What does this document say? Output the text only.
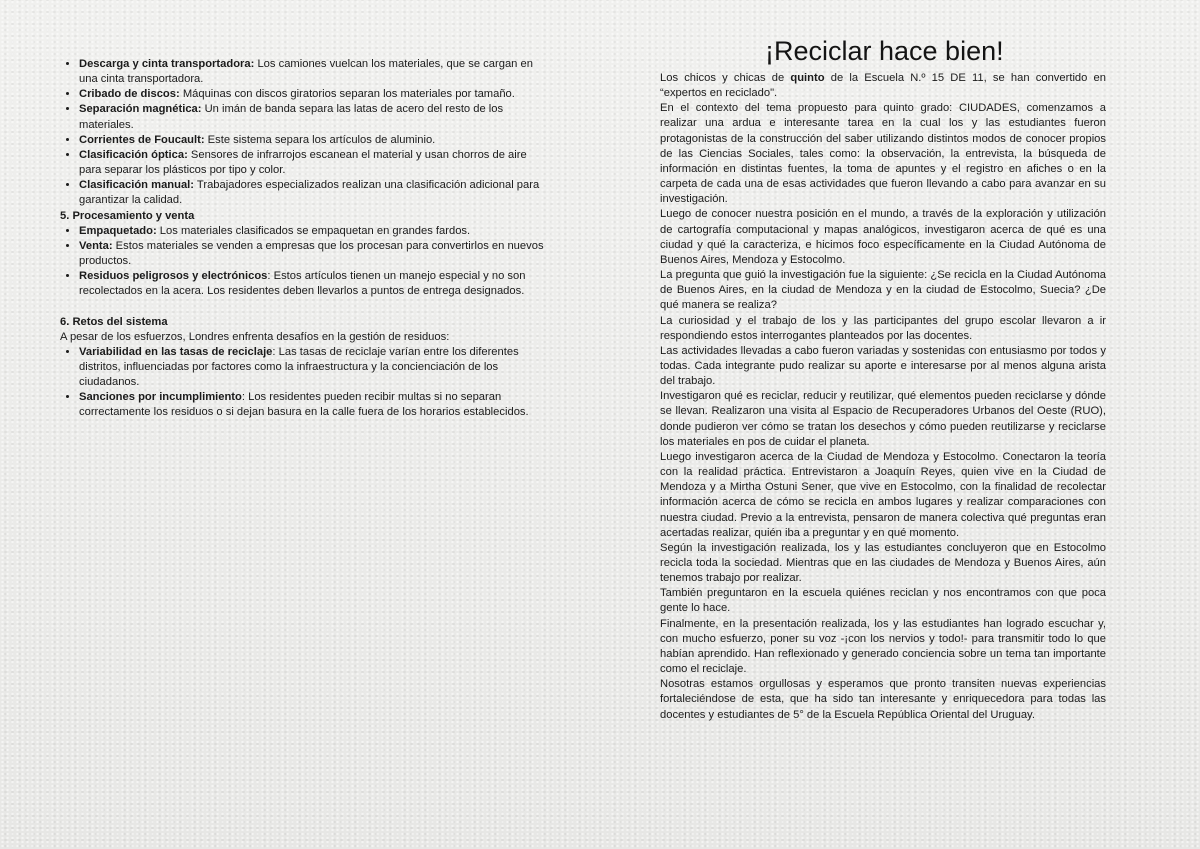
• Descarga y cinta transportadora: Los camiones vuelcan los materiales, que se cargan en una cinta transportadora.
• Cribado de discos: Máquinas con discos giratorios separan los materiales por tamaño.
• Separación magnética: Un imán de banda separa las latas de acero del resto de los materiales.
• Corrientes de Foucault: Este sistema separa los artículos de aluminio.
• Clasificación óptica: Sensores de infrarrojos escanean el material y usan chorros de aire para separar los plásticos por tipo y color.
• Clasificación manual: Trabajadores especializados realizan una clasificación adicional para garantizar la calidad.

5. Procesamiento y venta

• Empaquetado: Los materiales clasificados se empaquetan en grandes fardos.
• Venta: Estos materiales se venden a empresas que los procesan para convertirlos en nuevos productos.
• Residuos peligrosos y electrónicos: Estos artículos tienen un manejo especial y no son recolectados en la acera. Los residentes deben llevarlos a puntos de entrega designados.

6. Retos del sistema

A pesar de los esfuerzos, Londres enfrenta desafíos en la gestión de residuos:

• Variabilidad en las tasas de reciclaje: Las tasas de reciclaje varían entre los diferentes distritos, influenciadas por factores como la infraestructura y la concienciación de los ciudadanos.
• Sanciones por incumplimiento: Los residentes pueden recibir multas si no separan correctamente los residuos o si dejan basura en la calle fuera de los horarios establecidos.
¡Reciclar hace bien!

Los chicos y chicas de quinto de la Escuela N.º 15 DE 11, se han convertido en “expertos en reciclado".

En el contexto del tema propuesto para quinto grado: CIUDADES, comenzamos a realizar una ardua e interesante tarea en la cual los y las estudiantes fueron protagonistas de la construcción del saber utilizando distintos modos de conocer propios de las Ciencias Sociales, tales como: la observación, la entrevista, la búsqueda de información en distintas fuentes, la toma de apuntes y el registro en afiches o en la carpeta de cada una de esas actividades que fueron llevando a cabo para avanzar en su investigación.

Luego de conocer nuestra posición en el mundo, a través de la exploración y utilización de cartografía computacional y mapas analógicos, investigaron acerca de qué es una ciudad y qué la caracteriza, e hicimos foco específicamente en la Ciudad Autónoma de Buenos Aires, Mendoza y Estocolmo.

La pregunta que guió la investigación fue la siguiente: ¿Se recicla en la Ciudad Autónoma de Buenos Aires, en la ciudad de Mendoza y en la ciudad de Estocolmo, Suecia? ¿De qué manera se realiza?

La curiosidad y el trabajo de los y las participantes del grupo escolar llevaron a ir respondiendo estos interrogantes planteados por las docentes.

Las actividades llevadas a cabo fueron variadas y sostenidas con entusiasmo por todos y todas. Cada integrante pudo realizar su aporte e interesarse por al menos alguna arista del trabajo.

Investigaron qué es reciclar, reducir y reutilizar, qué elementos pueden reciclarse y dónde se llevan. Realizaron una visita al Espacio de Recuperadores Urbanos del Oeste (RUO), donde pudieron ver cómo se tratan los desechos y cómo pueden reutilizarse y reciclarse los materiales en pos de cuidar el planeta.

Luego investigaron acerca de la Ciudad de Mendoza y Estocolmo. Conectaron la teoría con la realidad práctica. Entrevistaron a Joaquín Reyes, quien vive en la Ciudad de Mendoza y a Mirtha Ostuni Sener, que vive en Estocolmo, con la finalidad de recolectar información acerca de cómo se recicla en ambos lugares y realizar comparaciones con nuestra ciudad. Previo a la entrevista, pensaron de manera colectiva qué preguntas eran acertadas realizar, quién iba a preguntar y en qué momento.

Según la investigación realizada, los y las estudiantes concluyeron que en Estocolmo recicla toda la sociedad. Mientras que en las ciudades de Mendoza y Buenos Aires, aún tenemos trabajo por realizar.

También preguntaron en la escuela quiénes reciclan y nos encontramos con que poca gente lo hace.

Finalmente, en la presentación realizada, los y las estudiantes han logrado escuchar y, con mucho esfuerzo, poner su voz -¡con los nervios y todo!- para transmitir todo lo que habían aprendido. Han reflexionado y generado conciencia sobre un tema tan importante como el reciclaje.

Nosotras estamos orgullosas y esperamos que pronto transiten nuevas experiencias fortaleciéndose de esta, que ha sido tan interesante y enriquecedora para todas las docentes y estudiantes de 5° de la Escuela República Oriental del Uruguay.
